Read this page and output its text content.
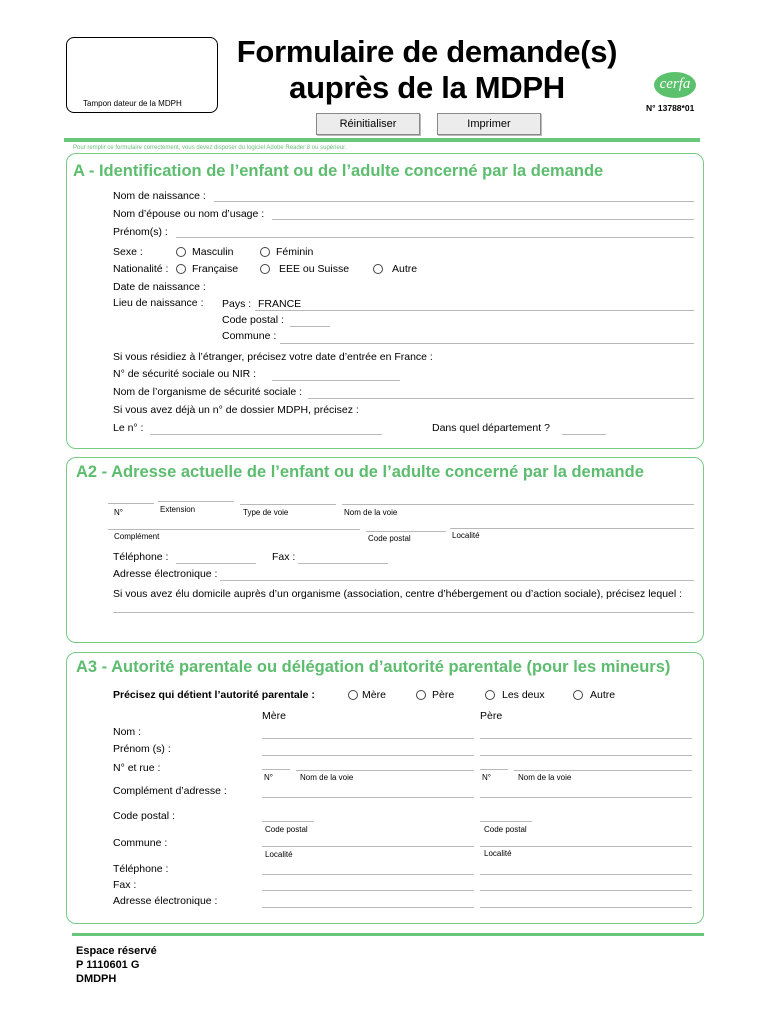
Tampon dateur de la MDPH
Formulaire de demande(s)
auprès de la MDPH	cerfa
N° 13788*01
Réinitialiser	Imprimer
Pour remplir ce formulaire correctement, vous devez disposer du logiciel Adobe Reader 8 ou supérieur.
A - Identification de l’enfant ou de l’adulte concerné par la demande
Nom de naissance :
Nom d’épouse ou nom d’usage :
Prénom(s) :
Sexe :	Masculin	Féminin
Nationalité : Française	EEE ou Suisse	Autre
Date de naissance :
Lieu de naissance : Pays : FRANCE
Code postal :
Commune :
Si vous résidiez à l’étranger, précisez votre date d’entrée en France :
N° de sécurité sociale ou NIR :
Nom de l’organisme de sécurité sociale :
Si vous avez déjà un n° de dossier MDPH, précisez :
Le n° :	Dans quel département ?
A2 - Adresse actuelle de l’enfant ou de l’adulte concerné par la demande
N°	Extension	Type de voie	Nom de la voie
Complément	Code postal	Localité
Téléphone :	Fax :
Adresse électronique :
Si vous avez élu domicile auprès d’un organisme (association, centre d’hébergement ou d’action sociale), précisez lequel :
A3 - Autorité parentale ou délégation d’autorité parentale (pour les mineurs)
Précisez qui détient l’autorité parentale :	Mère	Père	Les deux	Autre
Mère	Père
Nom :
Prénom (s) :
N° et rue :
N°	Nom de la voie	N°	Nom de la voie
Complément d’adresse :
Code postal :
Code postal	Code postal
Commune :
Localité	Localité
Téléphone :
Fax :
Adresse électronique :
Espace réservé
P 1110601 G
DMDPH
